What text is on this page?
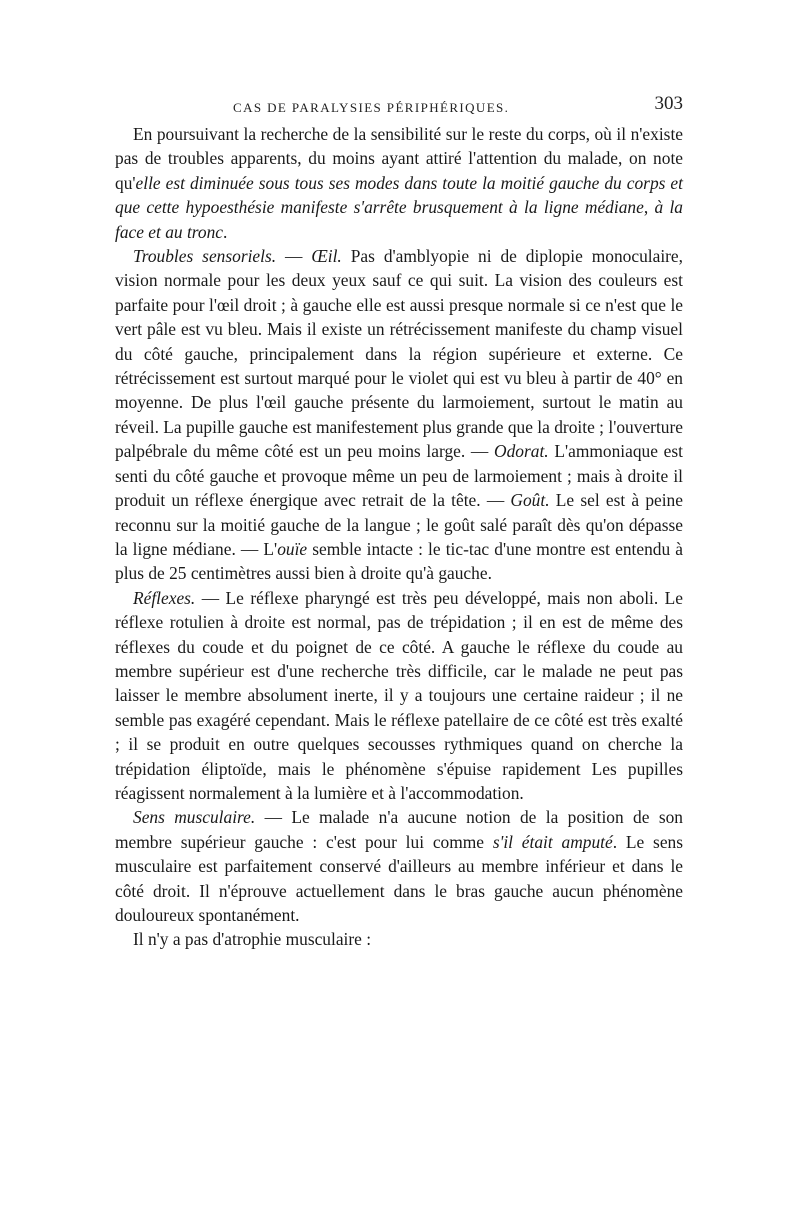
CAS DE PARALYSIES PÉRIPHÉRIQUES.	303

En poursuivant la recherche de la sensibilité sur le reste du corps, où il n'existe pas de troubles apparents, du moins ayant attiré l'attention du malade, on note qu'elle est diminuée sous tous ses modes dans toute la moitié gauche du corps et que cette hypoesthésie manifeste s'arrête brusquement à la ligne médiane, à la face et au tronc.

Troubles sensoriels. — Œil. Pas d'amblyopie ni de diplopie monoculaire, vision normale pour les deux yeux sauf ce qui suit. La vision des couleurs est parfaite pour l'œil droit ; à gauche elle est aussi presque normale si ce n'est que le vert pâle est vu bleu. Mais il existe un rétrécissement manifeste du champ visuel du côté gauche, principalement dans la région supérieure et externe. Ce rétrécissement est surtout marqué pour le violet qui est vu bleu à partir de 40° en moyenne. De plus l'œil gauche présente du larmoiement, surtout le matin au réveil. La pupille gauche est manifestement plus grande que la droite ; l'ouverture palpébrale du même côté est un peu moins large. — Odorat. L'ammoniaque est senti du côté gauche et provoque même un peu de larmoiement ; mais à droite il produit un réflexe énergique avec retrait de la tête. — Goût. Le sel est à peine reconnu sur la moitié gauche de la langue ; le goût salé paraît dès qu'on dépasse la ligne médiane. — L'ouïe semble intacte : le tic-tac d'une montre est entendu à plus de 25 centimètres aussi bien à droite qu'à gauche.

Réflexes. — Le réflexe pharyngé est très peu développé, mais non aboli. Le réflexe rotulien à droite est normal, pas de trépidation ; il en est de même des réflexes du coude et du poignet de ce côté. A gauche le réflexe du coude au membre supérieur est d'une recherche très difficile, car le malade ne peut pas laisser le membre absolument inerte, il y a toujours une certaine raideur ; il ne semble pas exagéré cependant. Mais le réflexe patellaire de ce côté est très exalté ; il se produit en outre quelques secousses rythmiques quand on cherche la trépidation éliptoïde, mais le phénomène s'épuise rapidement Les pupilles réagissent normalement à la lumière et à l'accommodation.

Sens musculaire. — Le malade n'a aucune notion de la position de son membre supérieur gauche : c'est pour lui comme s'il était amputé. Le sens musculaire est parfaitement conservé d'ailleurs au membre inférieur et dans le côté droit. Il n'éprouve actuellement dans le bras gauche aucun phénomène douloureux spontanément.

Il n'y a pas d'atrophie musculaire :
